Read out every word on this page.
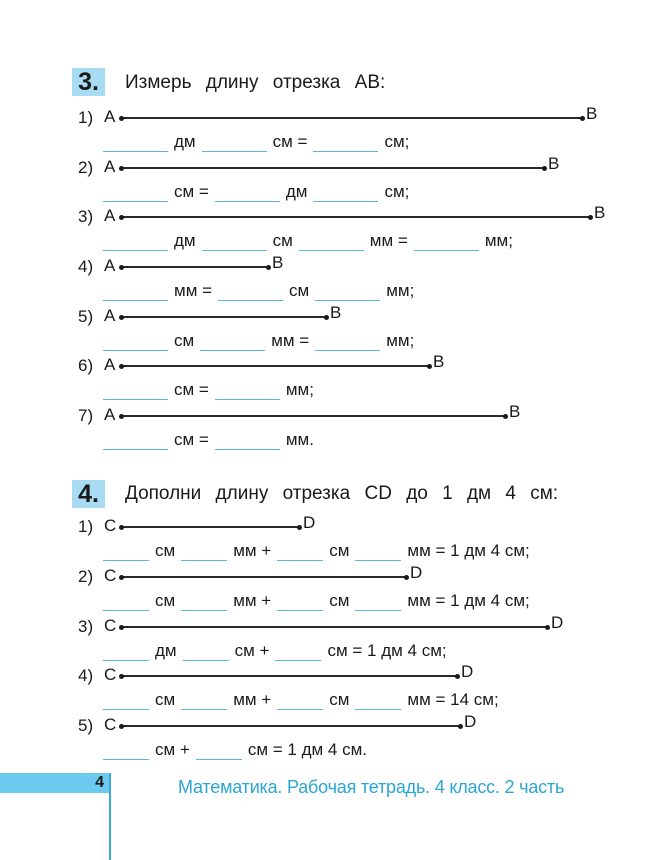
3.	Измерь длину отрезка АВ:
1) A	B
дм	см =	см;
2) A	B
см =	дм	см;
3) A	B
дм	см	мм =	мм;
4) A	B
мм =	см	мм;
5) A	B
см	мм =	мм;
6) A	B
см =	мм;
7) A	B
см =	мм.
4.	Дополни длину отрезка CD до 1 дм 4 см:
1) C	D
см	мм +	см	мм = 1 дм 4 см;
2) C	D
см	мм +	см	мм = 1 дм 4 см;
3) C	D
дм	см +	см = 1 дм 4 см;
4) C	D
см	мм +	см	мм = 14 см;
5) C	D
см +	см = 1 дм 4 см.
4	Математика. Рабочая тетрадь. 4 класс. 2 часть
